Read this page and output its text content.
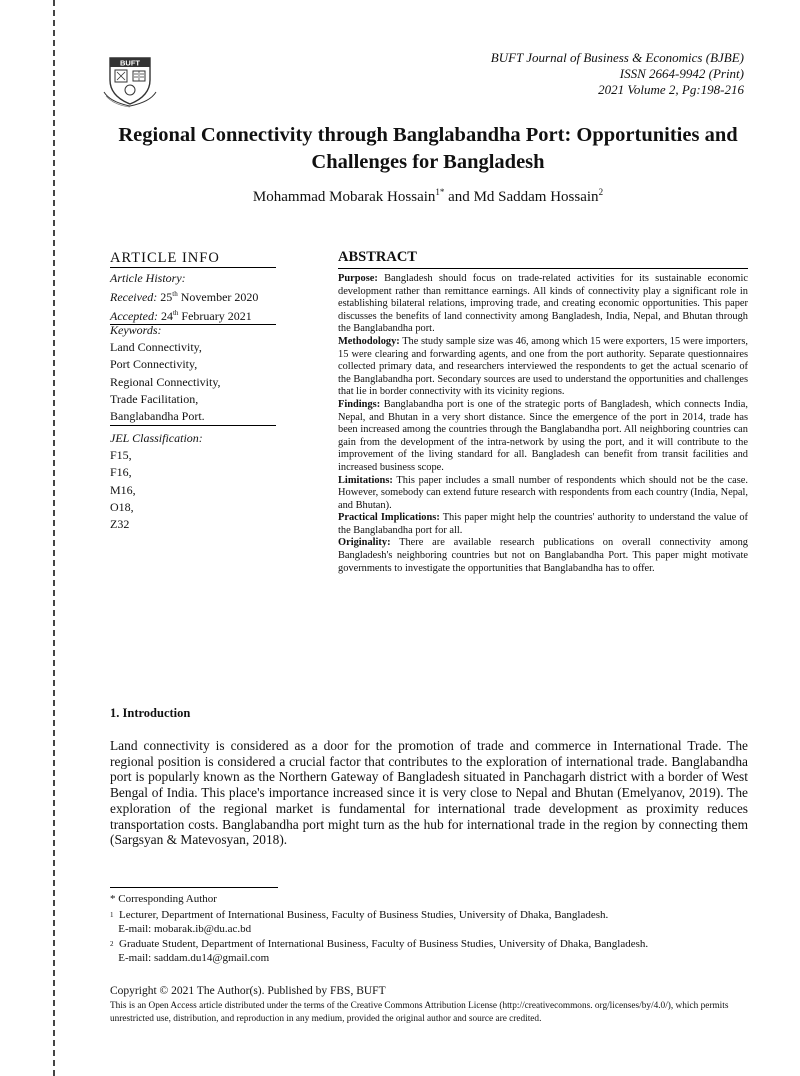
BUFT	BUFT Journal of Business & Economics (BJBE)
ISSN 2664-9942 (Print)
2021 Volume 2, Pg:198-216
Regional Connectivity through Banglabandha Port: Opportunities and
Challenges for Bangladesh
Mohammad Mobarak Hossain$^{1*}$ and Md Saddam Hossain$^2$
ARTICLE INFO
Article History:
Received: 25th November 2020
Accepted: 24th February 2021
Keywords:
Land Connectivity,
Port Connectivity,
Regional Connectivity,
Trade Facilitation,
Banglabandha Port.
JEL Classification:
F15,
F16,
M16,
O18,
Z32
ABSTRACT

Purpose: Bangladesh should focus on trade-related activities for its sustainable economic development rather than remittance earnings. All kinds of connectivity play a significant role in establishing bilateral relations, improving trade, and creating economic opportunities. This paper discusses the benefits of land connectivity among Bangladesh, India, Nepal, and Bhutan through the Banglabandha port.

Methodology: The study sample size was 46, among which 15 were exporters, 15 were importers, 15 were clearing and forwarding agents, and one from the port authority. Separate questionnaires collected primary data, and researchers interviewed the respondents to get the actual scenario of the Banglabandha port. Secondary sources are used to understand the opportunities and challenges that lie in border connectivity with its vicinity regions.

Findings: Banglabandha port is one of the strategic ports of Bangladesh, which connects India, Nepal, and Bhutan in a very short distance. Since the emergence of the port in 2014, trade has been increased among the countries through the Banglabandha port. All neighboring countries can gain from the development of the intra-network by using the port, and it will contribute to the improvement of the living standard for all. Bangladesh can benefit from transit facilities and increased business scope.

Limitations: This paper includes a small number of respondents which should not be the case. However, somebody can extend future research with respondents from each country (India, Nepal, and Bhutan).

Practical Implications: This paper might help the countries' authority to understand the value of the Banglabandha port for all.

Originality: There are available research publications on overall connectivity among Bangladesh's neighboring countries but not on Banglabandha Port. This paper might motivate governments to investigate the opportunities that Banglabandha has to offer.

1. Introduction

Land connectivity is considered as a door for the promotion of trade and commerce in International Trade. The regional position is considered a crucial factor that contributes to the exploration of international trade. Banglabandha port is popularly known as the Northern Gateway of Bangladesh situated in Panchagarh district with a border of West Bengal of India. This place's importance increased since it is very close to Nepal and Bhutan (Emelyanov, 2019). The exploration of the regional market is fundamental for international trade development as proximity reduces transportation costs. Banglabandha port might turn as the hub for international trade in the region by connecting them (Sargsyan & Matevosyan, 2018).

* Corresponding Author
$^1$ Lecturer, Department of International Business, Faculty of Business Studies, University of Dhaka, Bangladesh.
E-mail: mobarak.ib@du.ac.bd
$^2$ Graduate Student, Department of International Business, Faculty of Business Studies, University of Dhaka, Bangladesh.
E-mail: saddam.du14@gmail.com
Copyright © 2021 The Author(s). Published by FBS, BUFT
This is an Open Access article distributed under the terms of the Creative Commons Attribution License (http://creativecommons. org/licenses/by/4.0/), which permits unrestricted use, distribution, and reproduction in any medium, provided the original author and source are credited.
